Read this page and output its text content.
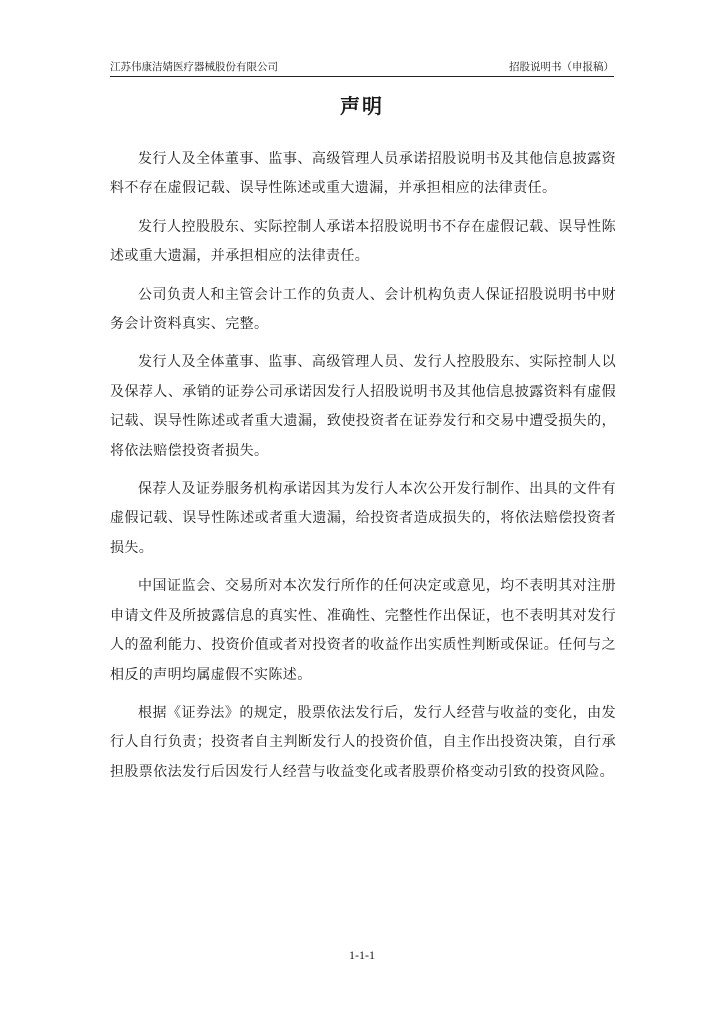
江苏伟康洁婧医疗器械股份有限公司	招股说明书（申报稿）
声明

发行人及全体董事、监事、高级管理人员承诺招股说明书及其他信息披露资料不存在虚假记载、误导性陈述或重大遗漏，并承担相应的法律责任。

发行人控股股东、实际控制人承诺本招股说明书不存在虚假记载、误导性陈述或重大遗漏，并承担相应的法律责任。

公司负责人和主管会计工作的负责人、会计机构负责人保证招股说明书中财务会计资料真实、完整。

发行人及全体董事、监事、高级管理人员、发行人控股股东、实际控制人以及保荐人、承销的证券公司承诺因发行人招股说明书及其他信息披露资料有虚假记载、误导性陈述或者重大遗漏，致使投资者在证券发行和交易中遭受损失的，将依法赔偿投资者损失。

保荐人及证券服务机构承诺因其为发行人本次公开发行制作、出具的文件有虚假记载、误导性陈述或者重大遗漏，给投资者造成损失的，将依法赔偿投资者损失。

中国证监会、交易所对本次发行所作的任何决定或意见，均不表明其对注册申请文件及所披露信息的真实性、准确性、完整性作出保证，也不表明其对发行人的盈利能力、投资价值或者对投资者的收益作出实质性判断或保证。任何与之相反的声明均属虚假不实陈述。

根据《证券法》的规定，股票依法发行后，发行人经营与收益的变化，由发行人自行负责；投资者自主判断发行人的投资价值，自主作出投资决策，自行承担股票依法发行后因发行人经营与收益变化或者股票价格变动引致的投资风险。

1-1-1
